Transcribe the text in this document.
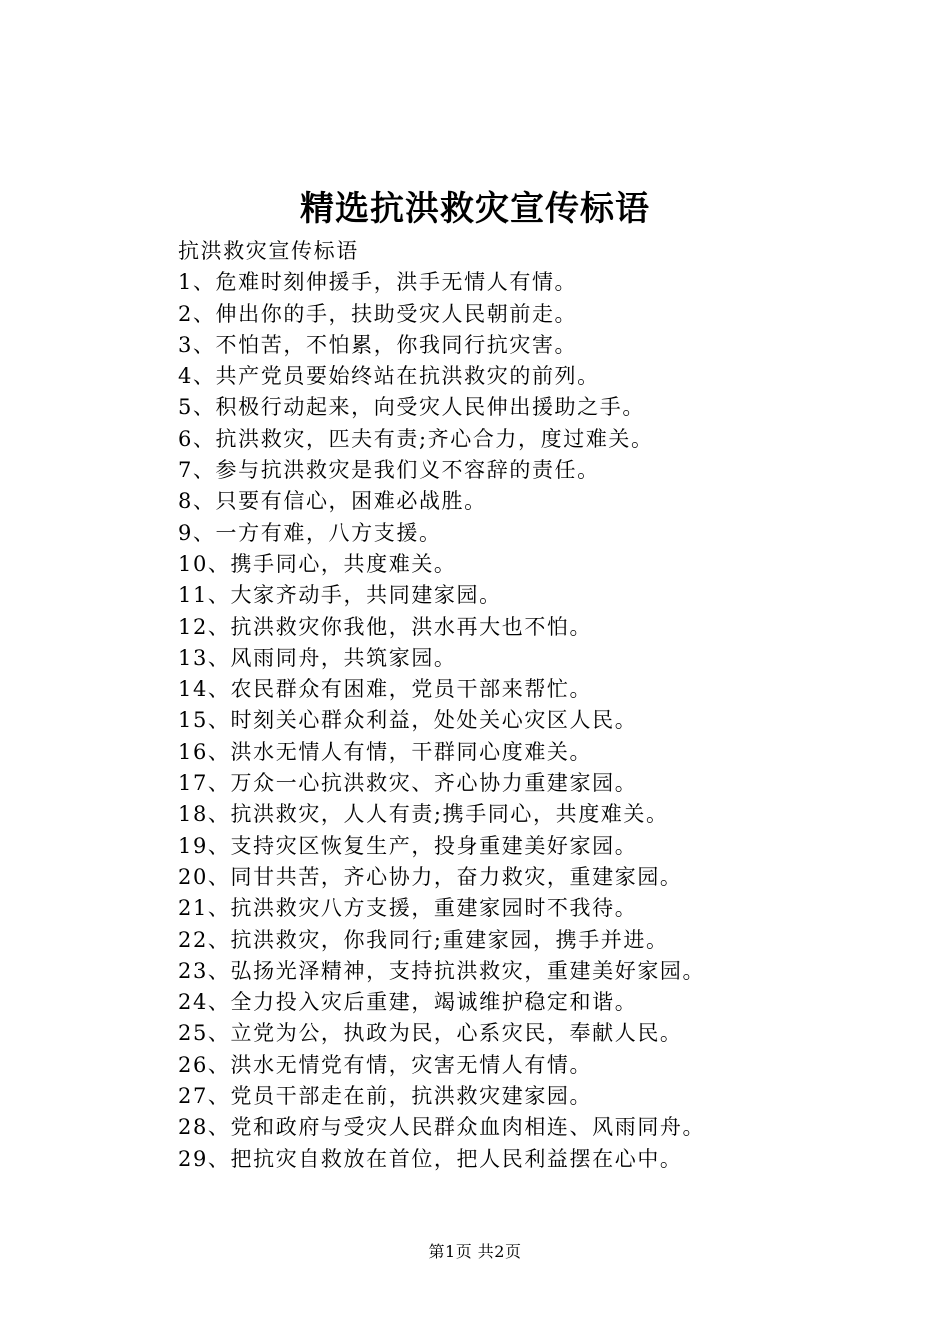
精选抗洪救灾宣传标语
抗洪救灾宣传标语
1、危难时刻伸援手，洪手无情人有情。
2、伸出你的手，扶助受灾人民朝前走。
3、不怕苦，不怕累，你我同行抗灾害。
4、共产党员要始终站在抗洪救灾的前列。
5、积极行动起来，向受灾人民伸出援助之手。
6、抗洪救灾，匹夫有责;齐心合力，度过难关。
7、参与抗洪救灾是我们义不容辞的责任。
8、只要有信心，困难必战胜。
9、一方有难，八方支援。
10、携手同心，共度难关。
11、大家齐动手，共同建家园。
12、抗洪救灾你我他，洪水再大也不怕。
13、风雨同舟，共筑家园。
14、农民群众有困难，党员干部来帮忙。
15、时刻关心群众利益，处处关心灾区人民。
16、洪水无情人有情，干群同心度难关。
17、万众一心抗洪救灾、齐心协力重建家园。
18、抗洪救灾，人人有责;携手同心，共度难关。
19、支持灾区恢复生产，投身重建美好家园。
20、同甘共苦，齐心协力，奋力救灾，重建家园。
21、抗洪救灾八方支援，重建家园时不我待。
22、抗洪救灾，你我同行;重建家园，携手并进。
23、弘扬光泽精神，支持抗洪救灾，重建美好家园。
24、全力投入灾后重建，竭诚维护稳定和谐。
25、立党为公，执政为民，心系灾民，奉献人民。
26、洪水无情党有情，灾害无情人有情。
27、党员干部走在前，抗洪救灾建家园。
28、党和政府与受灾人民群众血肉相连、风雨同舟。
29、把抗灾自救放在首位，把人民利益摆在心中。
第1页 共2页
